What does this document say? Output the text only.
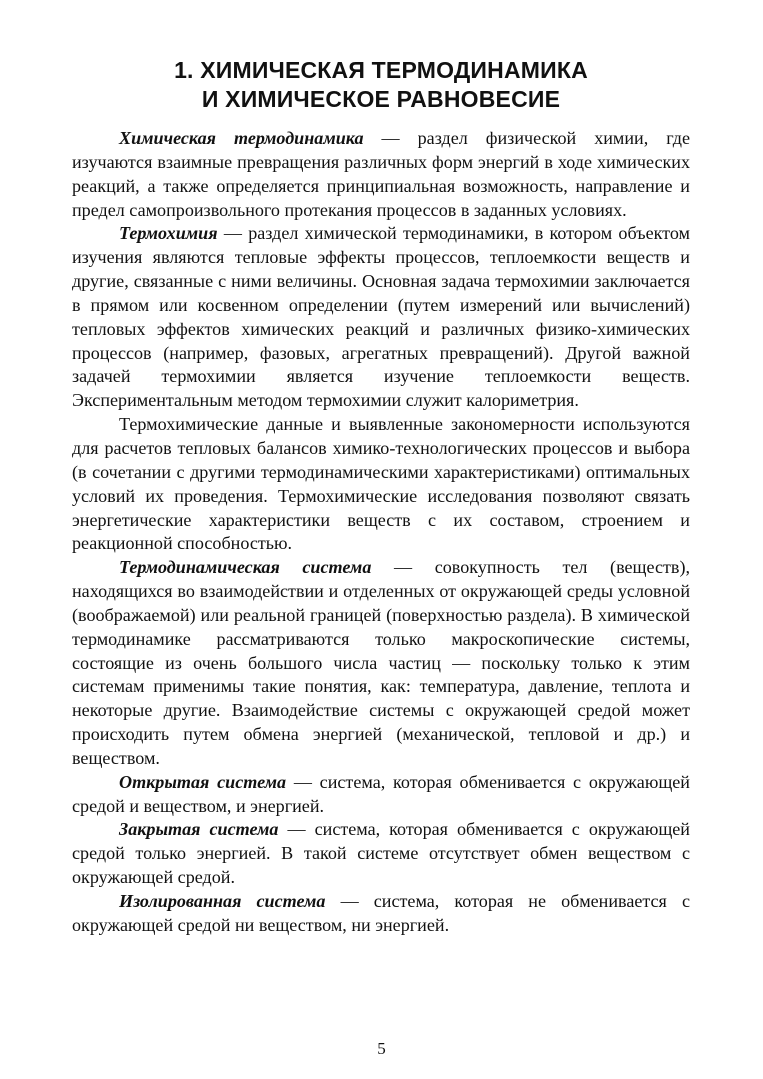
1. ХИМИЧЕСКАЯ ТЕРМОДИНАМИКА
И ХИМИЧЕСКОЕ РАВНОВЕСИЕ

Химическая термодинамика — раздел физической химии, где изучаются взаимные превращения различных форм энергий в ходе химических реакций, а также определяется принципиальная возможность, направление и предел самопроизвольного протекания процессов в заданных условиях.

Термохимия — раздел химической термодинамики, в котором объектом изучения являются тепловые эффекты процессов, теплоемкости веществ и другие, связанные с ними величины. Основная задача термохимии заключается в прямом или косвенном определении (путем измерений или вычислений) тепловых эффектов химических реакций и различных физико-химических процессов (например, фазовых, агрегатных превращений). Другой важной задачей термохимии является изучение теплоемкости веществ. Экспериментальным методом термохимии служит калориметрия.

Термохимические данные и выявленные закономерности используются для расчетов тепловых балансов химико-технологических процессов и выбора (в сочетании с другими термодинамическими характеристиками) оптимальных условий их проведения. Термохимические исследования позволяют связать энергетические характеристики веществ с их составом, строением и реакционной способностью.

Термодинамическая система — совокупность тел (веществ), находящихся во взаимодействии и отделенных от окружающей среды условной (воображаемой) или реальной границей (поверхностью раздела). В химической термодинамике рассматриваются только макроскопические системы, состоящие из очень большого числа частиц — поскольку только к этим системам применимы такие понятия, как: температура, давление, теплота и некоторые другие. Взаимодействие системы с окружающей средой может происходить путем обмена энергией (механической, тепловой и др.) и веществом.

Открытая система — система, которая обменивается с окружающей средой и веществом, и энергией.

Закрытая система — система, которая обменивается с окружающей средой только энергией. В такой системе отсутствует обмен веществом с окружающей средой.

Изолированная система — система, которая не обменивается с окружающей средой ни веществом, ни энергией.

5
